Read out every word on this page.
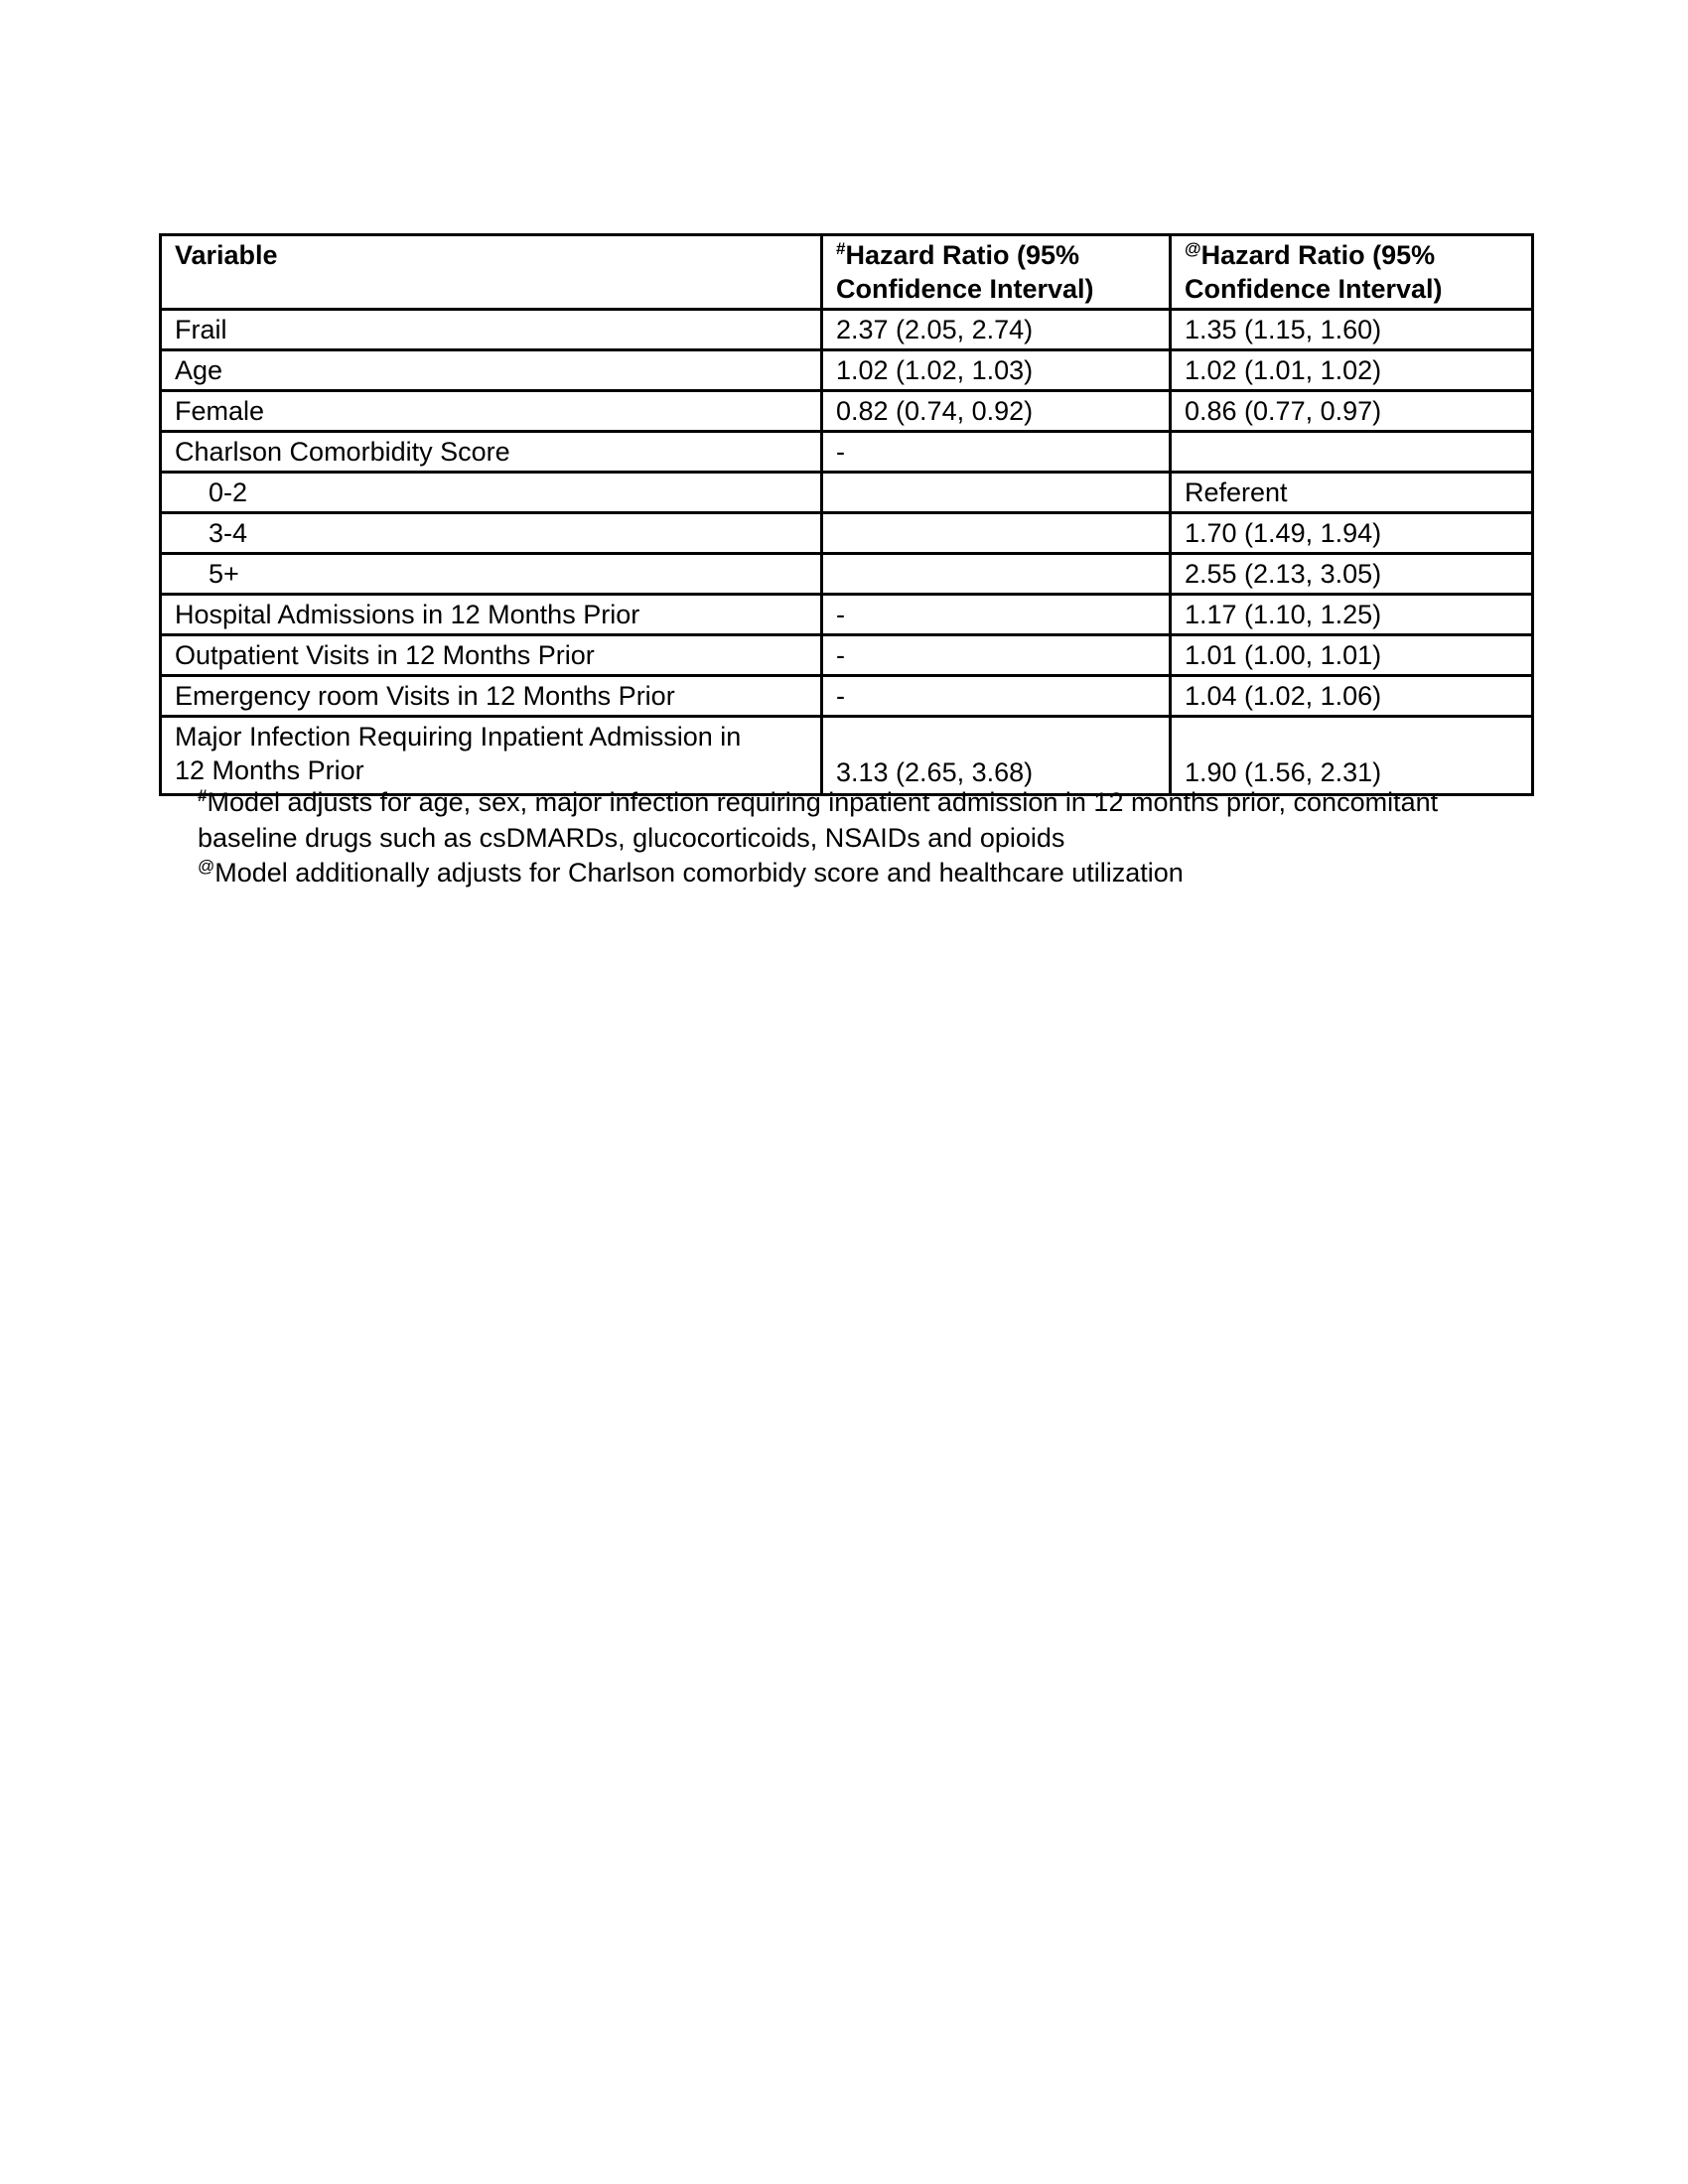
Variable	#Hazard Ratio (95% Confidence Interval)	@Hazard Ratio (95% Confidence Interval)
Frail	2.37 (2.05, 2.74)	1.35 (1.15, 1.60)
Age	1.02 (1.02, 1.03)	1.02 (1.01, 1.02)
Female	0.82 (0.74, 0.92)	0.86 (0.77, 0.97)
Charlson Comorbidity Score	-	
0-2		Referent
3-4		1.70 (1.49, 1.94)
5+		2.55 (2.13, 3.05)
Hospital Admissions in 12 Months Prior	-	1.17 (1.10, 1.25)
Outpatient Visits in 12 Months Prior	-	1.01 (1.00, 1.01)
Emergency room Visits in 12 Months Prior	-	1.04 (1.02, 1.06)
Major Infection Requiring Inpatient Admission in 12 Months Prior	3.13 (2.65, 3.68)	1.90 (1.56, 2.31)
#Model adjusts for age, sex, major infection requiring inpatient admission in 12 months prior, concomitant
baseline drugs such as csDMARDs, glucocorticoids, NSAIDs and opioids
@Model additionally adjusts for Charlson comorbidy score and healthcare utilization
